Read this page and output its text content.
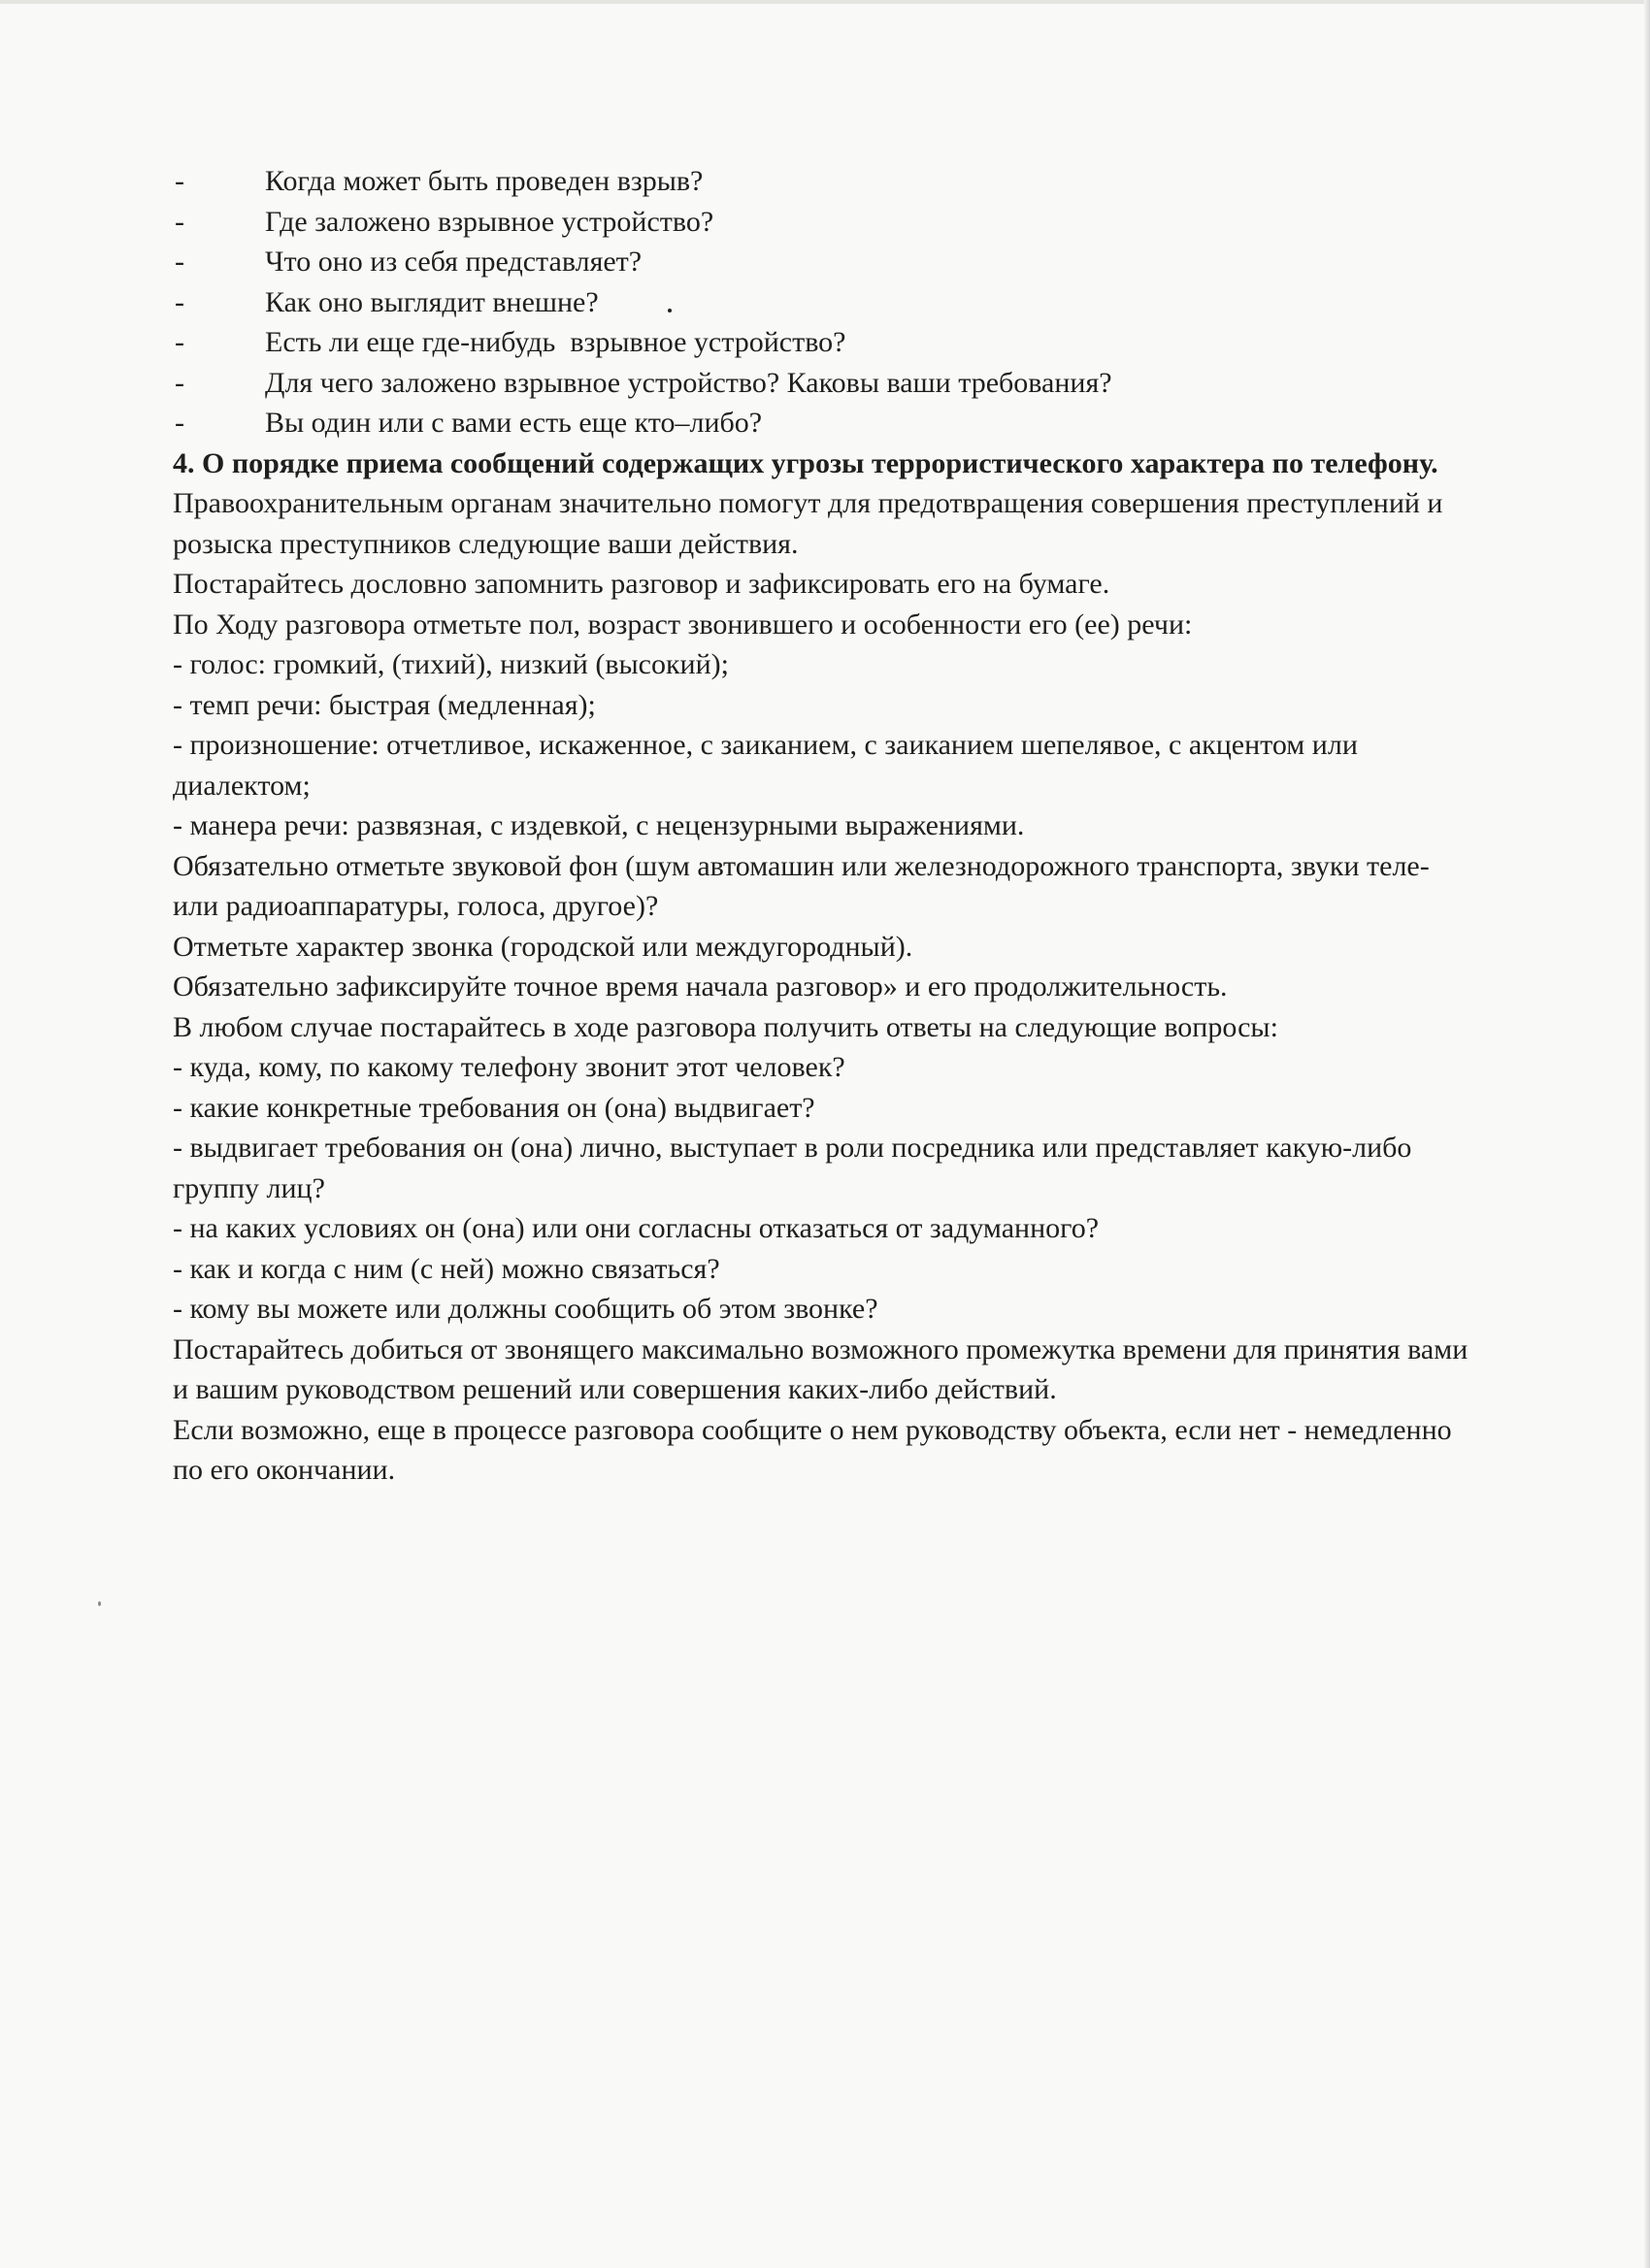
-	Когда может быть проведен взрыв?
-	Где заложено взрывное устройство?
-	Что оно из себя представляет?
-	Как оно выглядит внешне?
-	Есть ли еще где-нибудь  взрывное устройство?
-	Для чего заложено взрывное устройство? Каковы ваши требования?
-	Вы один или с вами есть еще кто–либо?

4. О порядке приема сообщений содержащих угрозы террористического характера по телефону.

Правоохранительным органам значительно помогут для предотвращения совершения преступлений и розыска преступников следующие ваши действия.

Постарайтесь дословно запомнить разговор и зафиксировать его на бумаге.

По Ходу разговора отметьте пол, возраст звонившего и особенности его (ее) речи:

- голос: громкий, (тихий), низкий (высокий);

- темп речи: быстрая (медленная);

- произношение: отчетливое, искаженное, с заиканием, с заиканием шепелявое, с акцентом или диалектом;

- манера речи: развязная, с издевкой, с нецензурными выражениями.

Обязательно отметьте звуковой фон (шум автомашин или железнодорожного транспорта, звуки теле- или радиоаппаратуры, голоса, другое)?

Отметьте характер звонка (городской или междугородный).

Обязательно зафиксируйте точное время начала разговор» и его продолжительность.

В любом случае постарайтесь в ходе разговора получить ответы на следующие вопросы:

- куда, кому, по какому телефону звонит этот человек?

- какие конкретные требования он (она) выдвигает?

- выдвигает требования он (она) лично, выступает в роли посредника или представляет какую-либо группу лиц?

- на каких условиях он (она) или они согласны отказаться от задуманного?

- как и когда с ним (с ней) можно связаться?

- кому вы можете или должны сообщить об этом звонке?

Постарайтесь добиться от звонящего максимально возможного промежутка времени для принятия вами и вашим руководством решений или совершения каких-либо действий.

Если возможно, еще в процессе разговора сообщите о нем руководству объекта, если нет - немедленно по его окончании.
